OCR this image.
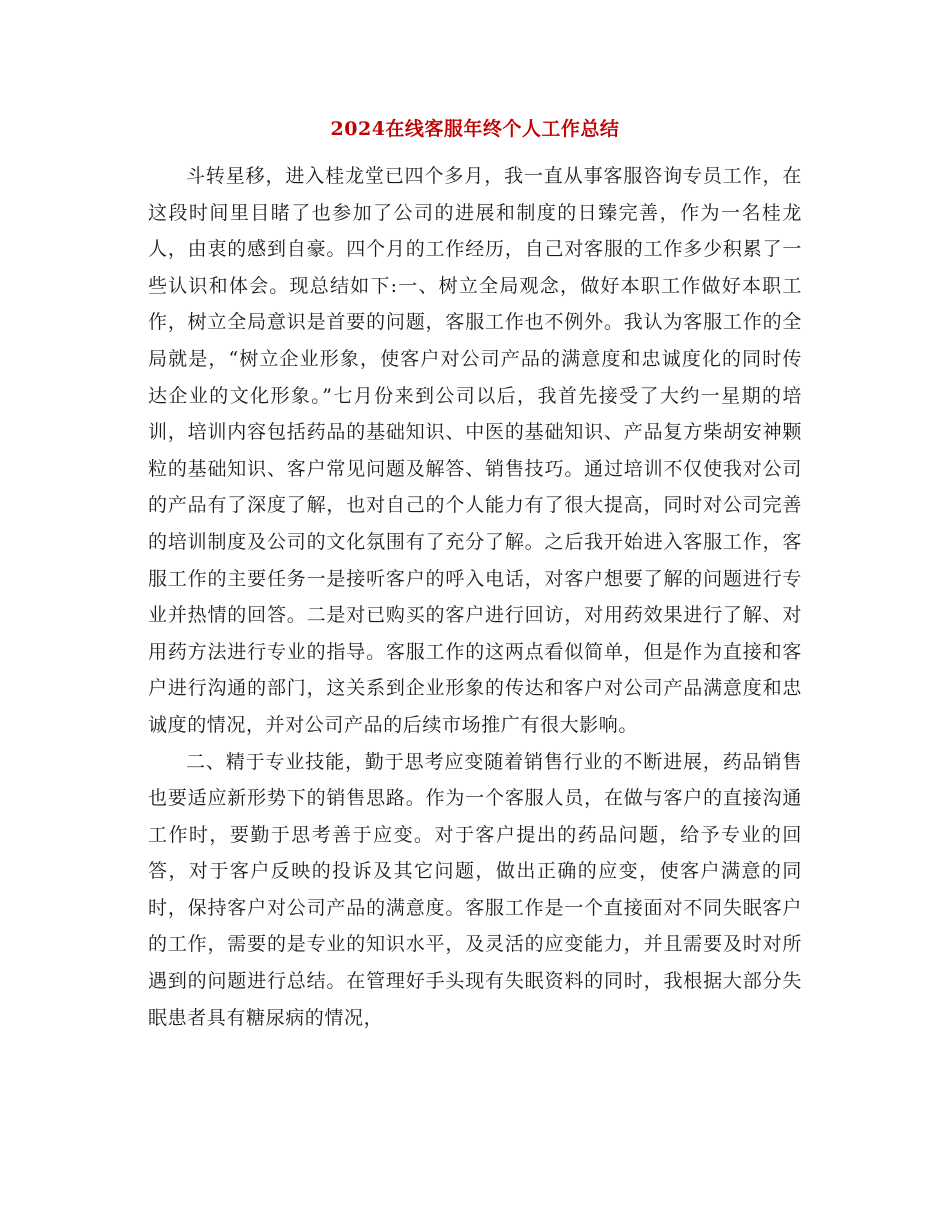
2024在线客服年终个人工作总结

斗转星移，进入桂龙堂已四个多月，我一直从事客服咨询专员工作，在这段时间里目睹了也参加了公司的进展和制度的日臻完善，作为一名桂龙人，由衷的感到自豪。四个月的工作经历，自己对客服的工作多少积累了一些认识和体会。现总结如下:一、树立全局观念，做好本职工作做好本职工作，树立全局意识是首要的问题，客服工作也不例外。我认为客服工作的全局就是，“树立企业形象，使客户对公司产品的满意度和忠诚度化的同时传达企业的文化形象。”七月份来到公司以后，我首先接受了大约一星期的培训，培训内容包括药品的基础知识、中医的基础知识、产品复方柴胡安神颗粒的基础知识、客户常见问题及解答、销售技巧。通过培训不仅使我对公司的产品有了深度了解，也对自己的个人能力有了很大提高，同时对公司完善的培训制度及公司的文化氛围有了充分了解。之后我开始进入客服工作，客服工作的主要任务一是接听客户的呼入电话，对客户想要了解的问题进行专业并热情的回答。二是对已购买的客户进行回访，对用药效果进行了解、对用药方法进行专业的指导。客服工作的这两点看似简单，但是作为直接和客户进行沟通的部门，这关系到企业形象的传达和客户对公司产品满意度和忠诚度的情况，并对公司产品的后续市场推广有很大影响。

二、精于专业技能，勤于思考应变随着销售行业的不断进展，药品销售也要适应新形势下的销售思路。作为一个客服人员，在做与客户的直接沟通工作时，要勤于思考善于应变。对于客户提出的药品问题，给予专业的回答，对于客户反映的投诉及其它问题，做出正确的应变，使客户满意的同时，保持客户对公司产品的满意度。客服工作是一个直接面对不同失眠客户的工作，需要的是专业的知识水平，及灵活的应变能力，并且需要及时对所遇到的问题进行总结。在管理好手头现有失眠资料的同时，我根据大部分失眠患者具有糖尿病的情况，
